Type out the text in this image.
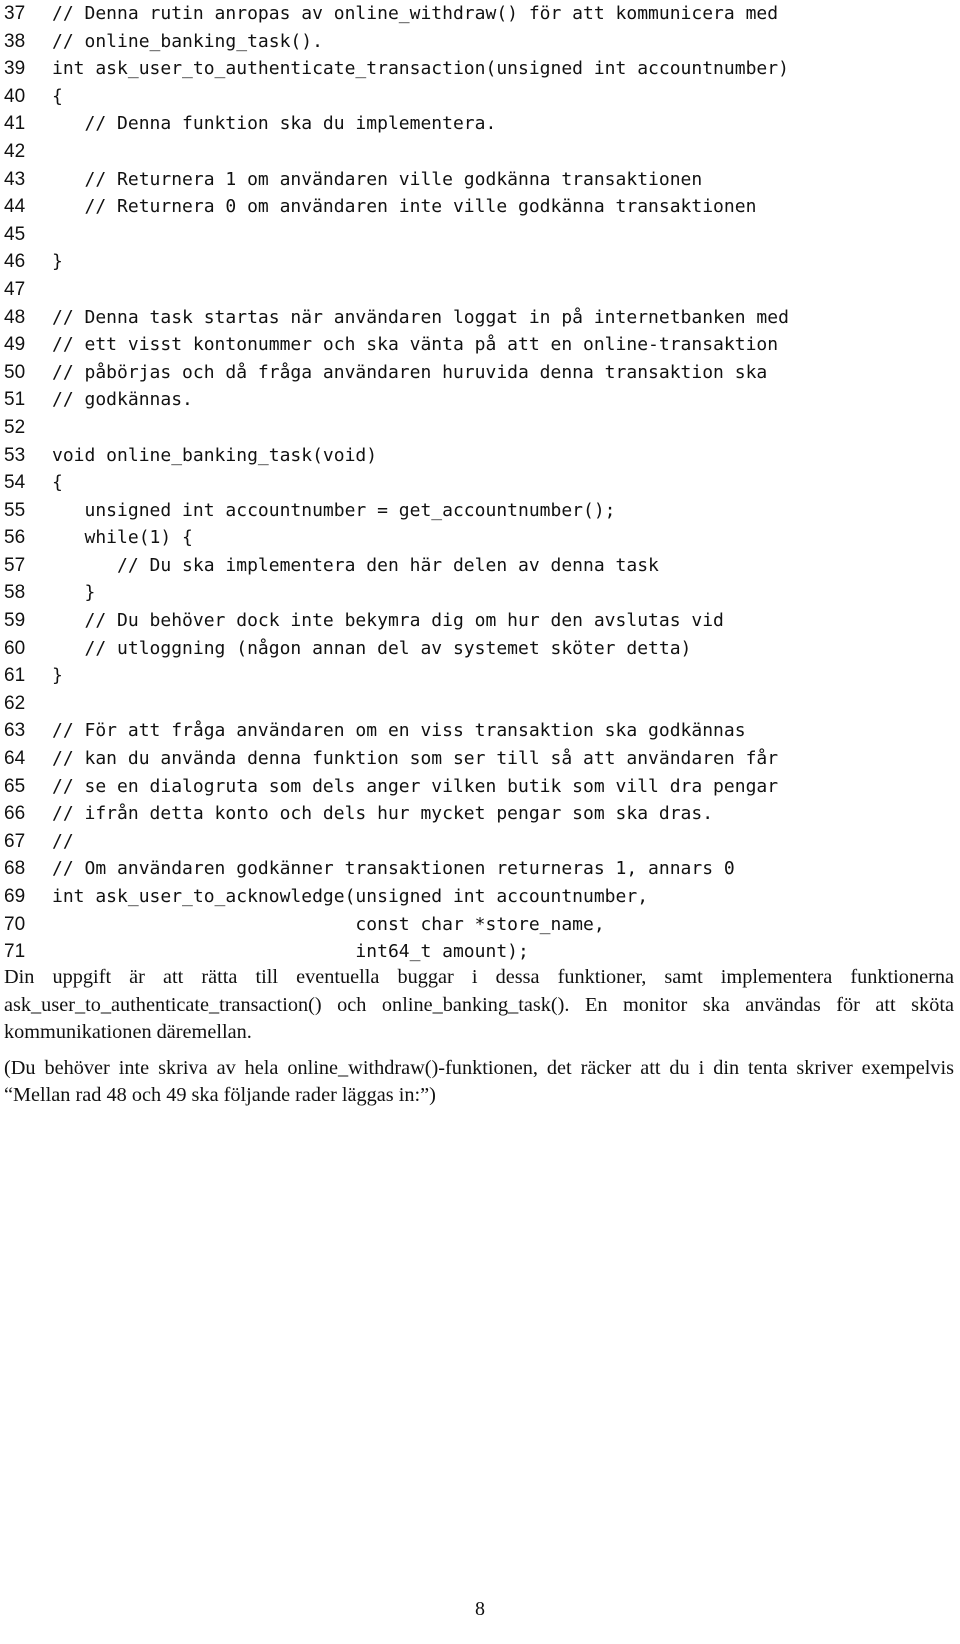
37	// Denna rutin anropas av online_withdraw() för att kommunicera med
38	// online_banking_task().
39	int ask_user_to_authenticate_transaction(unsigned int accountnumber)
40	{
41	// Denna funktion ska du implementera.
42
43	// Returnera 1 om användaren ville godkänna transaktionen
44	// Returnera 0 om användaren inte ville godkänna transaktionen
45
46	}
47
48	// Denna task startas när användaren loggat in på internetbanken med
49	// ett visst kontonummer och ska vänta på att en online-transaktion
50	// påbörjas och då fråga användaren huruvida denna transaktion ska
51	// godkännas.
52
53	void online_banking_task(void)
54	{
55	unsigned int accountnumber = get_accountnumber();
56	while(1) {
57	// Du ska implementera den här delen av denna task
58	}
59	// Du behöver dock inte bekymra dig om hur den avslutas vid
60	// utloggning (någon annan del av systemet sköter detta)
61	}
62
63	// För att fråga användaren om en viss transaktion ska godkännas
64	// kan du använda denna funktion som ser till så att användaren får
65	// se en dialogruta som dels anger vilken butik som vill dra pengar
66	// ifrån detta konto och dels hur mycket pengar som ska dras.
67	//
68	// Om användaren godkänner transaktionen returneras 1, annars 0
69	int ask_user_to_acknowledge(unsigned int accountnumber,
70	const char *store_name,
71	int64_t amount);

Din uppgift är att rätta till eventuella buggar i dessa funktioner, samt implementera funktionerna ask_user_to_authenticate_transaction() och online_banking_task(). En monitor ska användas för att sköta kommunikationen däremellan.

(Du behöver inte skriva av hela online_withdraw()-funktionen, det räcker att du i din tenta skriver exempelvis “Mellan rad 48 och 49 ska följande rader läggas in:”)

8
